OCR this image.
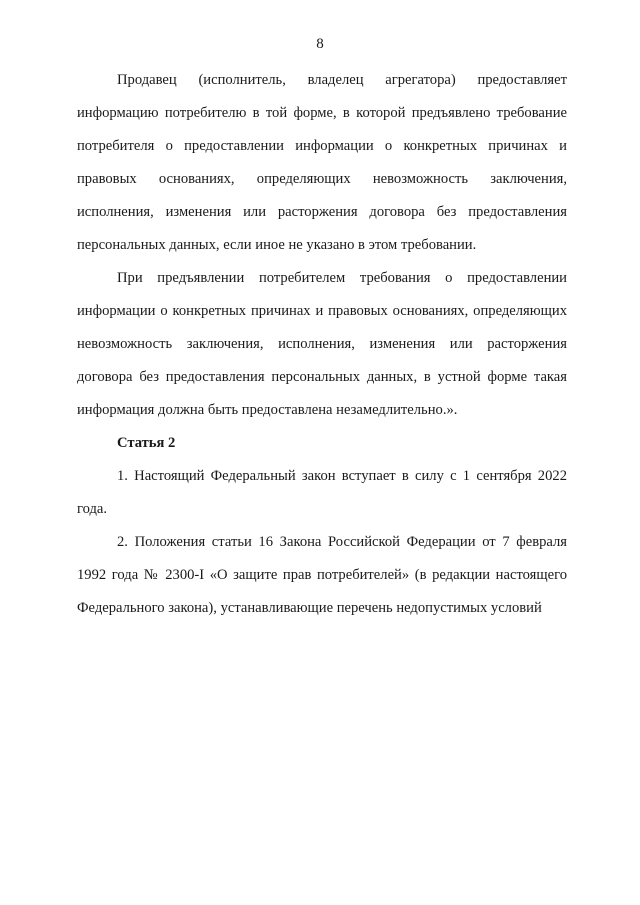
8

Продавец (исполнитель, владелец агрегатора) предоставляет информацию потребителю в той форме, в которой предъявлено требование потребителя о предоставлении информации о конкретных причинах и правовых основаниях, определяющих невозможность заключения, исполнения, изменения или расторжения договора без предоставления персональных данных, если иное не указано в этом требовании.

При предъявлении потребителем требования о предоставлении информации о конкретных причинах и правовых основаниях, определяющих невозможность заключения, исполнения, изменения или расторжения договора без предоставления персональных данных, в устной форме такая информация должна быть предоставлена незамедлительно.».

Статья 2

1. Настоящий Федеральный закон вступает в силу с 1 сентября 2022 года.

2. Положения статьи 16 Закона Российской Федерации от 7 февраля 1992 года № 2300-I «О защите прав потребителей» (в редакции настоящего Федерального закона), устанавливающие перечень недопустимых условий
